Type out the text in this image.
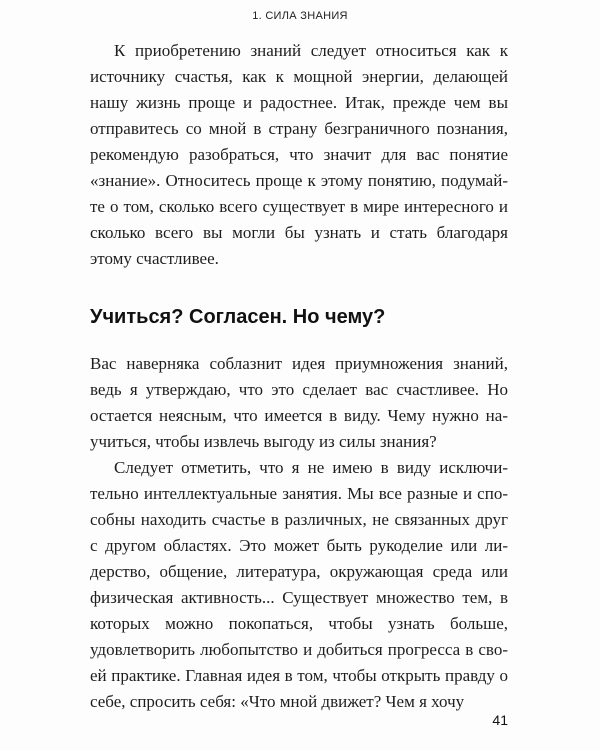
1. СИЛА ЗНАНИЯ
К приобретению знаний следует относиться как к источнику счастья, как к мощной энергии, делающей нашу жизнь проще и радостнее. Итак, прежде чем вы отправитесь со мной в страну безграничного познания, рекомендую разобраться, что значит для вас понятие «знание». Относитесь проще к этому понятию, подумайте о том, сколько всего существует в мире интересного и сколько всего вы могли бы узнать и стать благодаря этому счастливее.
Учиться? Согласен. Но чему?

Вас наверняка соблазнит идея приумножения знаний, ведь я утверждаю, что это сделает вас счастливее. Но остается неясным, что имеется в виду. Чему нужно научиться, чтобы извлечь выгоду из силы знания?

Следует отметить, что я не имею в виду исключительно интеллектуальные занятия. Мы все разные и способны находить счастье в различных, не связанных друг с другом областях. Это может быть рукоделие или лидерство, общение, литература, окружающая среда или физическая активность... Существует множество тем, в которых можно покопаться, чтобы узнать больше, удовлетворить любопытство и добиться прогресса в своей практике. Главная идея в том, чтобы открыть правду о себе, спросить себя: «Что мной движет? Чем я хочу

41
